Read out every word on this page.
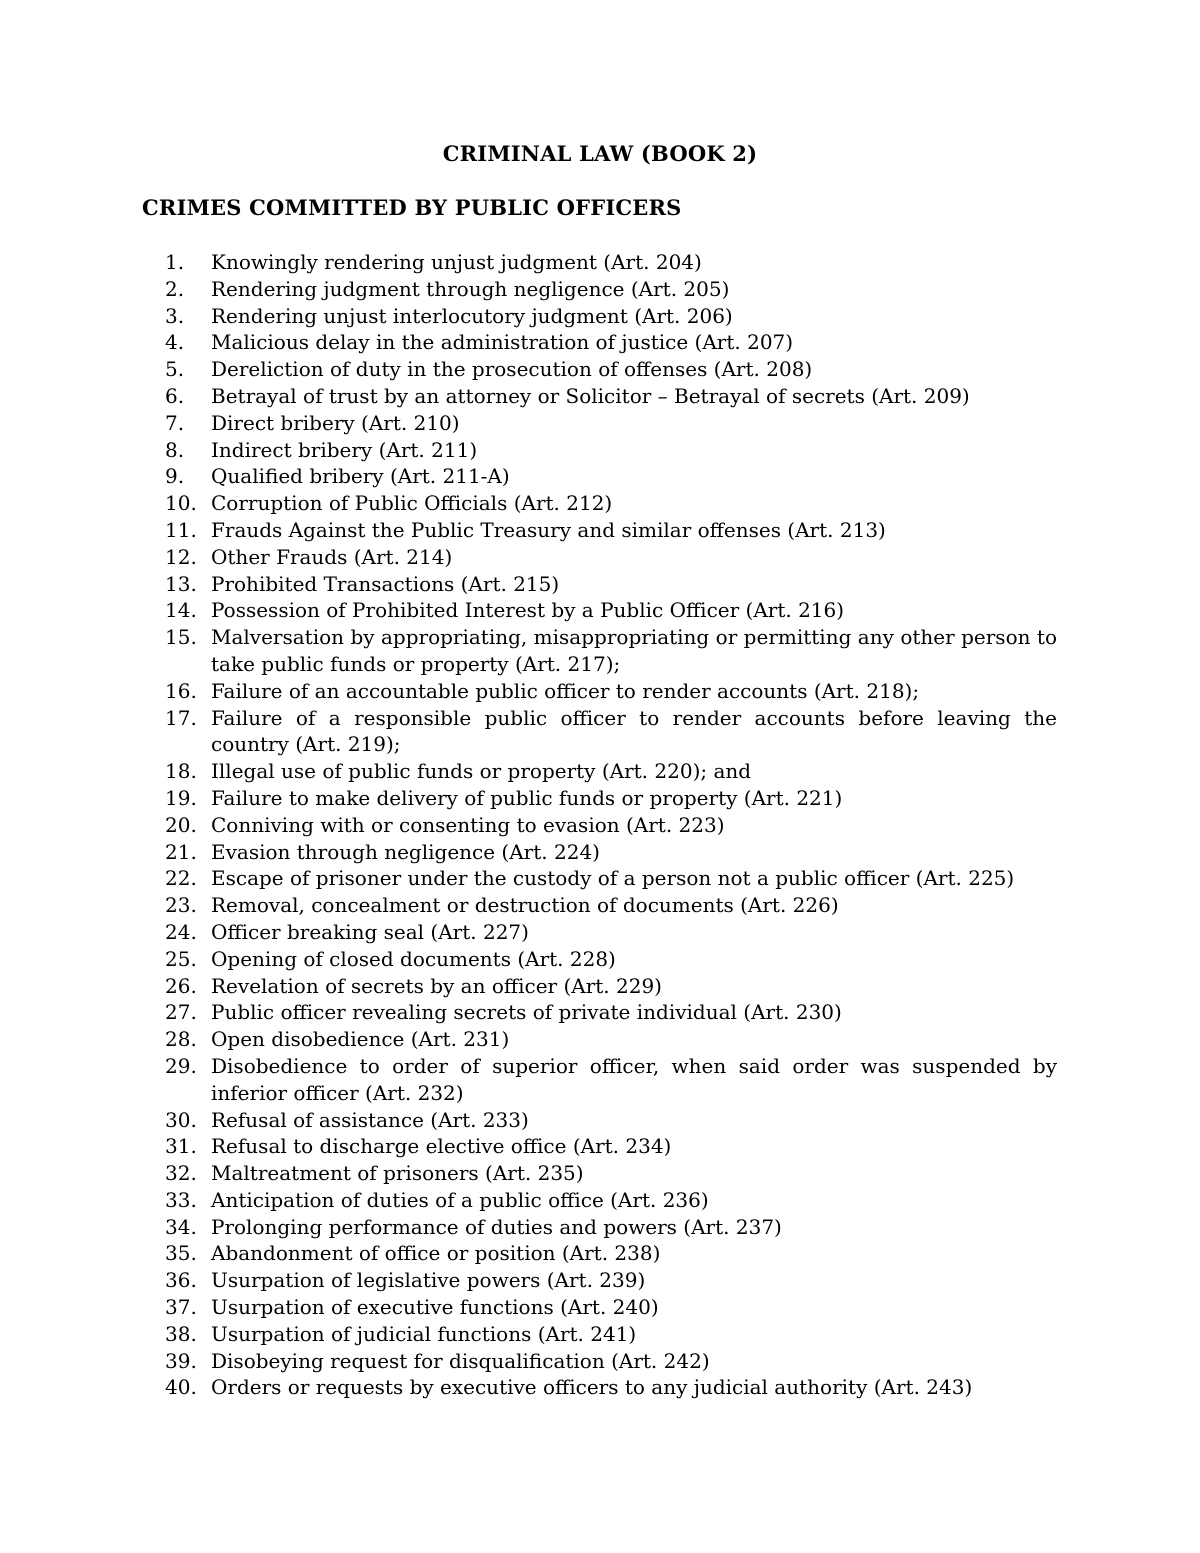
CRIMINAL LAW (BOOK 2)
CRIMES COMMITTED BY PUBLIC OFFICERS
1.	Knowingly rendering unjust judgment (Art. 204)
2.	Rendering judgment through negligence (Art. 205)
3.	Rendering unjust interlocutory judgment (Art. 206)
4.	Malicious delay in the administration of justice (Art. 207)
5.	Dereliction of duty in the prosecution of offenses (Art. 208)
6.	Betrayal of trust by an attorney or Solicitor – Betrayal of secrets (Art. 209)
7.	Direct bribery (Art. 210)
8.	Indirect bribery (Art. 211)
9.	Qualified bribery (Art. 211-A)
10. Corruption of Public Officials (Art. 212)
11. Frauds Against the Public Treasury and similar offenses (Art. 213)
12. Other Frauds (Art. 214)
13. Prohibited Transactions (Art. 215)
14. Possession of Prohibited Interest by a Public Officer (Art. 216)
15. Malversation by appropriating, misappropriating or permitting any other person to take public funds or property (Art. 217);
16. Failure of an accountable public officer to render accounts (Art. 218);
17. Failure of a responsible public officer to render accounts before leaving the country (Art. 219);
18. Illegal use of public funds or property (Art. 220); and
19. Failure to make delivery of public funds or property (Art. 221)
20. Conniving with or consenting to evasion (Art. 223)
21. Evasion through negligence (Art. 224)
22. Escape of prisoner under the custody of a person not a public officer (Art. 225)
23. Removal, concealment or destruction of documents (Art. 226)
24. Officer breaking seal (Art. 227)
25. Opening of closed documents (Art. 228)
26. Revelation of secrets by an officer (Art. 229)
27. Public officer revealing secrets of private individual (Art. 230)
28. Open disobedience (Art. 231)
29. Disobedience to order of superior officer, when said order was suspended by inferior officer (Art. 232)
30. Refusal of assistance (Art. 233)
31. Refusal to discharge elective office (Art. 234)
32. Maltreatment of prisoners (Art. 235)
33. Anticipation of duties of a public office (Art. 236)
34. Prolonging performance of duties and powers (Art. 237)
35. Abandonment of office or position (Art. 238)
36. Usurpation of legislative powers (Art. 239)
37. Usurpation of executive functions (Art. 240)
38. Usurpation of judicial functions (Art. 241)
39. Disobeying request for disqualification (Art. 242)
40. Orders or requests by executive officers to any judicial authority (Art. 243)
